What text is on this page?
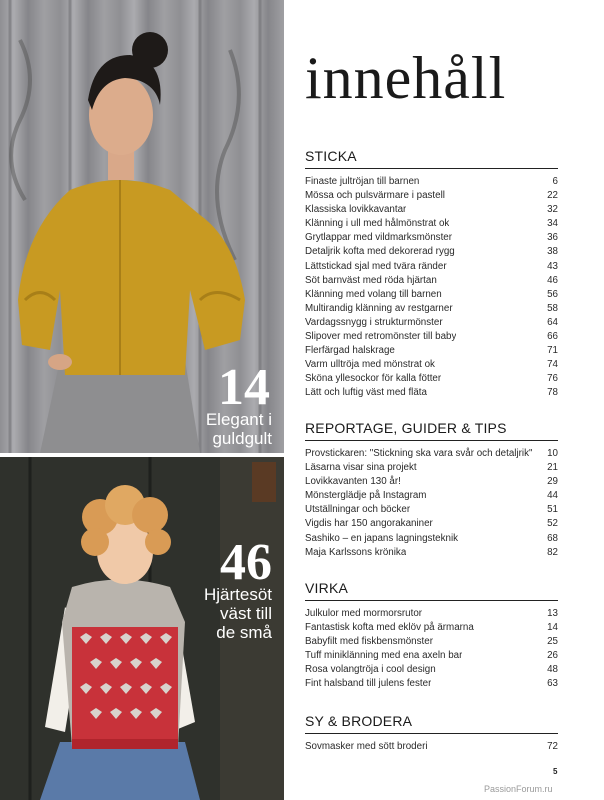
14
Elegant i
guldgult
46
Hjärtesöt
väst till
de små
innehåll
STICKA
Finaste jultröjan till barnen	6
Mössa och pulsvärmare i pastell	22
Klassiska lovikkavantar	32
Klänning i ull med hålmönstrat ok	34
Grytlappar med vildmarksmönster	36
Detaljrik kofta med dekorerad rygg	38
Lättstickad sjal med tvära ränder	43
Söt barnväst med röda hjärtan	46
Klänning med volang till barnen	56
Multirandig klänning av restgarner	58
Vardagssnygg i strukturmönster	64
Slipover med retromönster till baby	66
Flerfärgad halskrage	71
Varm ulltröja med mönstrat ok	74
Sköna yllesockor för kalla fötter	76
Lätt och luftig väst med fläta	78
REPORTAGE, GUIDER & TIPS
Provstickaren: "Stickning ska vara svår och detaljrik"	10
Läsarna visar sina projekt	21
Lovikkavanten 130 år!	29
Mönsterglädje på Instagram	44
Utställningar och böcker	51
Vigdis har 150 angorakaniner	52
Sashiko – en japans lagningsteknik	68
Maja Karlssons krönika	82
VIRKA
Julkulor med mormorsrutor	13
Fantastisk kofta med eklöv på ärmarna	14
Babyfilt med fiskbensmönster	25
Tuff miniklänning med ena axeln bar	26
Rosa volangtröja i cool design	48
Fint halsband till julens fester	63
SY & BRODERA
Sovmasker med sött broderi	72
5
PassionForum.ru
